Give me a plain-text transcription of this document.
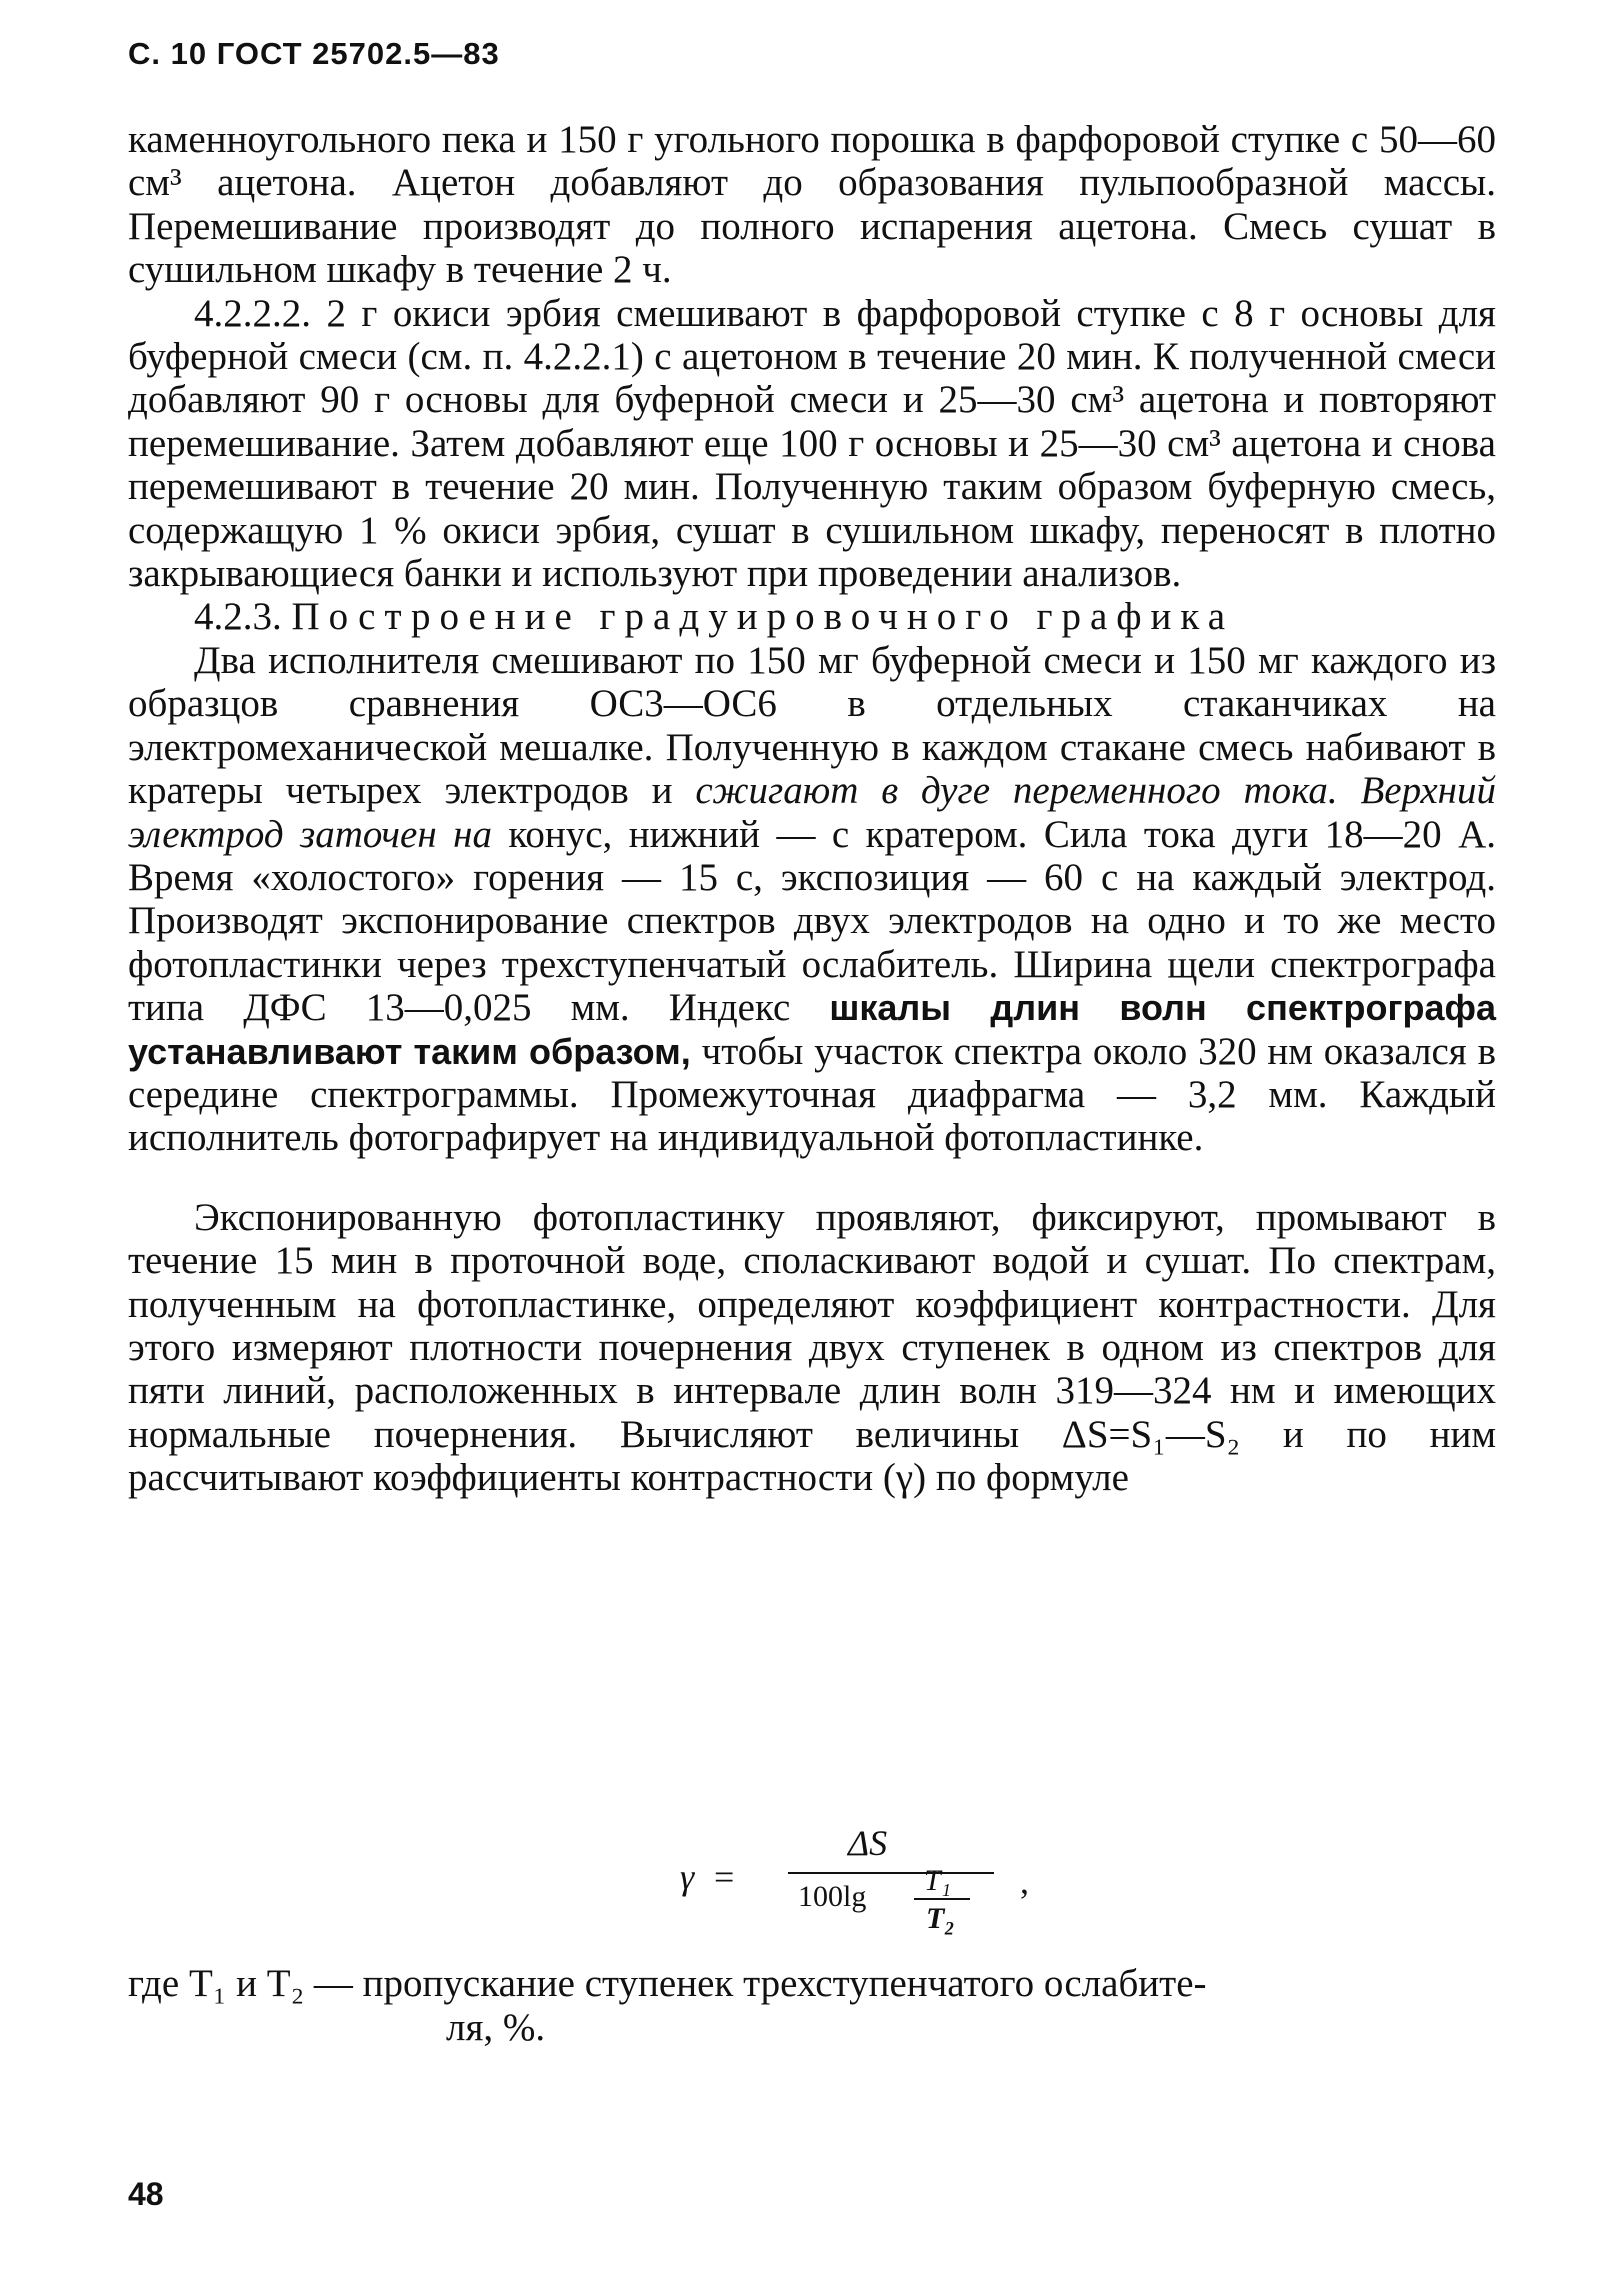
С. 10 ГОСТ 25702.5—83

каменноугольного пека и 150 г угольного порошка в фарфоровой ступке с 50—60 см³ ацетона. Ацетон добавляют до образования пульпообразной массы. Перемешивание производят до полного испарения ацетона. Смесь сушат в сушильном шкафу в течение 2 ч.

4.2.2.2. 2 г окиси эрбия смешивают в фарфоровой ступке с 8 г основы для буферной смеси (см. п. 4.2.2.1) с ацетоном в течение 20 мин. К полученной смеси добавляют 90 г основы для буферной смеси и 25—30 см³ ацетона и повторяют перемешивание. Затем добавляют еще 100 г основы и 25—30 см³ ацетона и снова перемешивают в течение 20 мин. Полученную таким образом буферную смесь, содержащую 1 % окиси эрбия, сушат в сушильном шкафу, переносят в плотно закрывающиеся банки и используют при проведении анализов.

4.2.3. Построение градуировочного графика

Два исполнителя смешивают по 150 мг буферной смеси и 150 мг каждого из образцов сравнения ОС3—ОС6 в отдельных стаканчиках на электромеханической мешалке. Полученную в каждом стакане смесь набивают в кратеры четырех электродов и сжигают в дуге переменного тока. Верхний электрод заточен на конус, нижний — с кратером. Сила тока дуги 18—20 А. Время «холостого» горения — 15 с, экспозиция — 60 с на каждый электрод. Производят экспонирование спектров двух электродов на одно и то же место фотопластинки через трехступенчатый ослабитель. Ширина щели спектрографа типа ДФС 13—0,025 мм. Индекс шкалы длин волн спектрографа устанавливают таким образом, чтобы участок спектра около 320 нм оказался в середине спектрограммы. Промежуточная диафрагма — 3,2 мм. Каждый исполнитель фотографирует на индивидуальной фотопластинке.

Экспонированную фотопластинку проявляют, фиксируют, промывают в течение 15 мин в проточной воде, споласкивают водой и сушат. По спектрам, полученным на фотопластинке, определяют коэффициент контрастности. Для этого измеряют плотности почернения двух ступенек в одном из спектров для пяти линий, расположенных в интервале длин волн 319—324 нм и имеющих нормальные почернения. Вычисляют величины ΔS=S₁—S₂ и по ним рассчитывают коэффициенты контрастности (γ) по формуле

γ =
ΔS
100lg T₁
T₂
,
где T₁ и T₂ — пропускание ступенек трехступенчатого ослабите-
ля, %.
48
